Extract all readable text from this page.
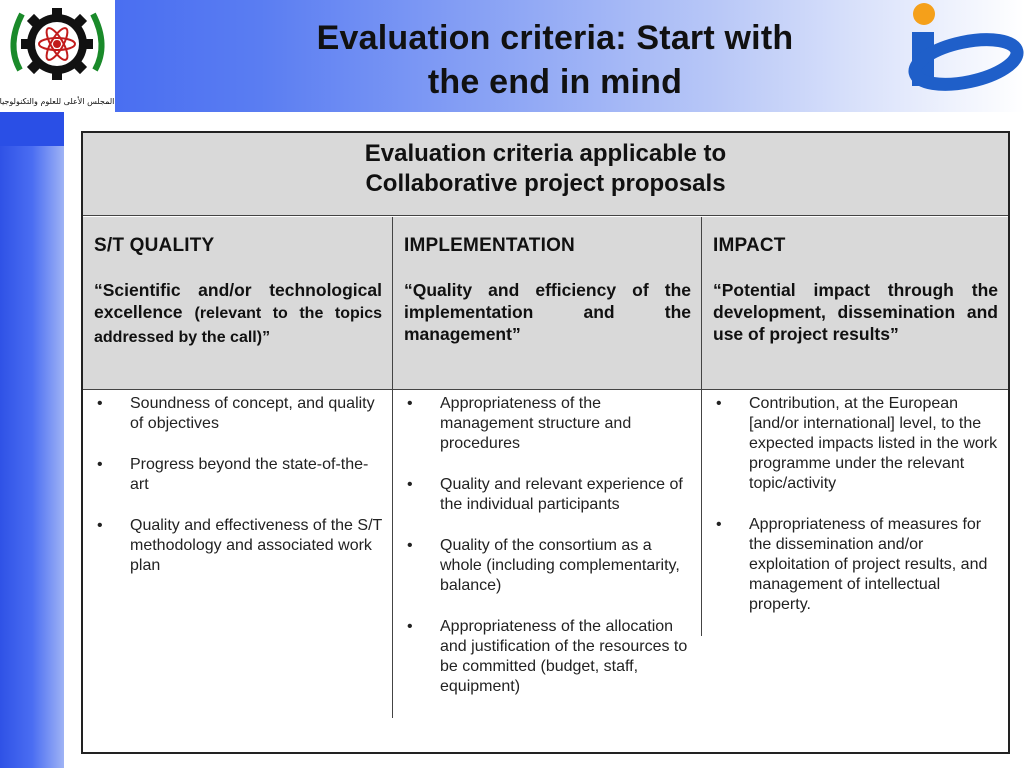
المجلس الأعلى للعلوم والتكنولوجيا
Evaluation criteria: Start with
the end in mind
Evaluation criteria applicable to
Collaborative project proposals
S/T QUALITY
“Scientific and/or technological excellence (relevant to the topics addressed by the call)”
• Soundness of concept, and quality of objectives
• Progress beyond the state-of-the-art
• Quality and effectiveness of the S/T methodology and associated work plan
IMPLEMENTATION
“Quality and efficiency of the implementation and the management”
• Appropriateness of the management structure and procedures
• Quality and relevant experience of the individual participants
• Quality of the consortium as a whole (including complementarity, balance)
• Appropriateness of the allocation and justification of the resources to be committed (budget, staff, equipment)
IMPACT
“Potential impact through the development, dissemination and use of project results”
• Contribution, at the European [and/or international] level, to the expected impacts listed in the work programme under the relevant topic/activity
• Appropriateness of measures for the dissemination and/or exploitation of project results, and management of intellectual property.
